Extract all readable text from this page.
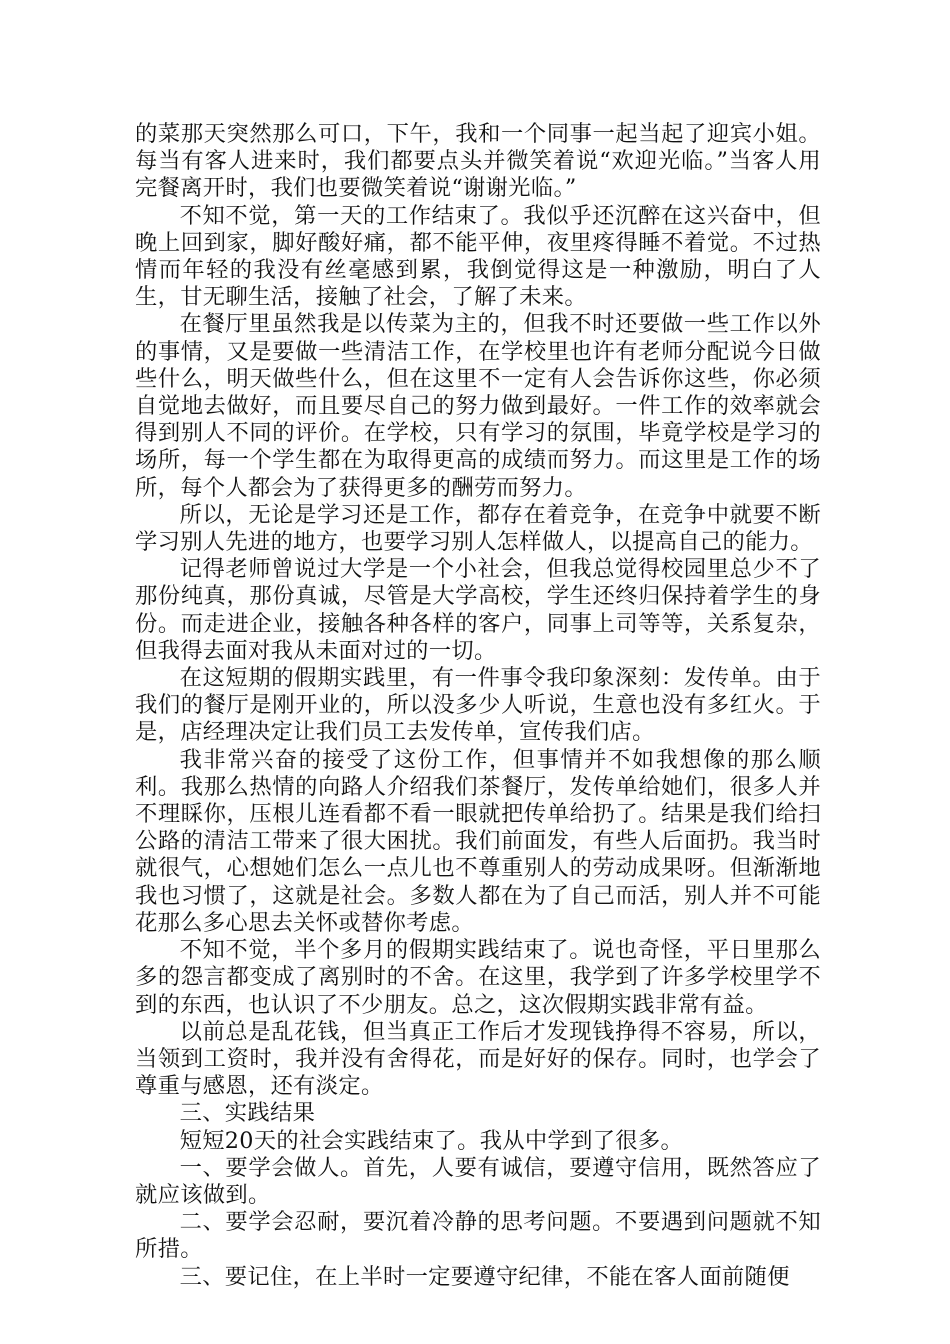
的菜那天突然那么可口，下午，我和一个同事一起当起了迎宾小姐。每当有客人进来时，我们都要点头并微笑着说“欢迎光临。”当客人用完餐离开时，我们也要微笑着说“谢谢光临。”

不知不觉，第一天的工作结束了。我似乎还沉醉在这兴奋中，但晚上回到家，脚好酸好痛，都不能平伸，夜里疼得睡不着觉。不过热情而年轻的我没有丝毫感到累，我倒觉得这是一种激励，明白了人生，甘无聊生活，接触了社会，了解了未来。

在餐厅里虽然我是以传菜为主的，但我不时还要做一些工作以外的事情，又是要做一些清洁工作，在学校里也许有老师分配说今日做些什么，明天做些什么，但在这里不一定有人会告诉你这些，你必须自觉地去做好，而且要尽自己的努力做到最好。一件工作的效率就会得到别人不同的评价。在学校，只有学习的氛围，毕竟学校是学习的场所，每一个学生都在为取得更高的成绩而努力。而这里是工作的场所，每个人都会为了获得更多的酬劳而努力。

所以，无论是学习还是工作，都存在着竞争，在竞争中就要不断学习别人先进的地方，也要学习别人怎样做人，以提高自己的能力。

记得老师曾说过大学是一个小社会，但我总觉得校园里总少不了那份纯真，那份真诚，尽管是大学高校，学生还终归保持着学生的身份。而走进企业，接触各种各样的客户，同事上司等等，关系复杂，但我得去面对我从未面对过的一切。

在这短期的假期实践里，有一件事令我印象深刻：发传单。由于我们的餐厅是刚开业的，所以没多少人听说，生意也没有多红火。于是，店经理决定让我们员工去发传单，宣传我们店。

我非常兴奋的接受了这份工作，但事情并不如我想像的那么顺利。我那么热情的向路人介绍我们茶餐厅，发传单给她们，很多人并不理睬你，压根儿连看都不看一眼就把传单给扔了。结果是我们给扫公路的清洁工带来了很大困扰。我们前面发，有些人后面扔。我当时就很气，心想她们怎么一点儿也不尊重别人的劳动成果呀。但渐渐地我也习惯了，这就是社会。多数人都在为了自己而活，别人并不可能花那么多心思去关怀或替你考虑。

不知不觉，半个多月的假期实践结束了。说也奇怪，平日里那么多的怨言都变成了离别时的不舍。在这里，我学到了许多学校里学不到的东西，也认识了不少朋友。总之，这次假期实践非常有益。

以前总是乱花钱，但当真正工作后才发现钱挣得不容易，所以，当领到工资时，我并没有舍得花，而是好好的保存。同时，也学会了尊重与感恩，还有淡定。

三、实践结果

短短20天的社会实践结束了。我从中学到了很多。

一、要学会做人。首先，人要有诚信，要遵守信用，既然答应了就应该做到。

二、要学会忍耐，要沉着冷静的思考问题。不要遇到问题就不知所措。

三、要记住，在上半时一定要遵守纪律，不能在客人面前随便
